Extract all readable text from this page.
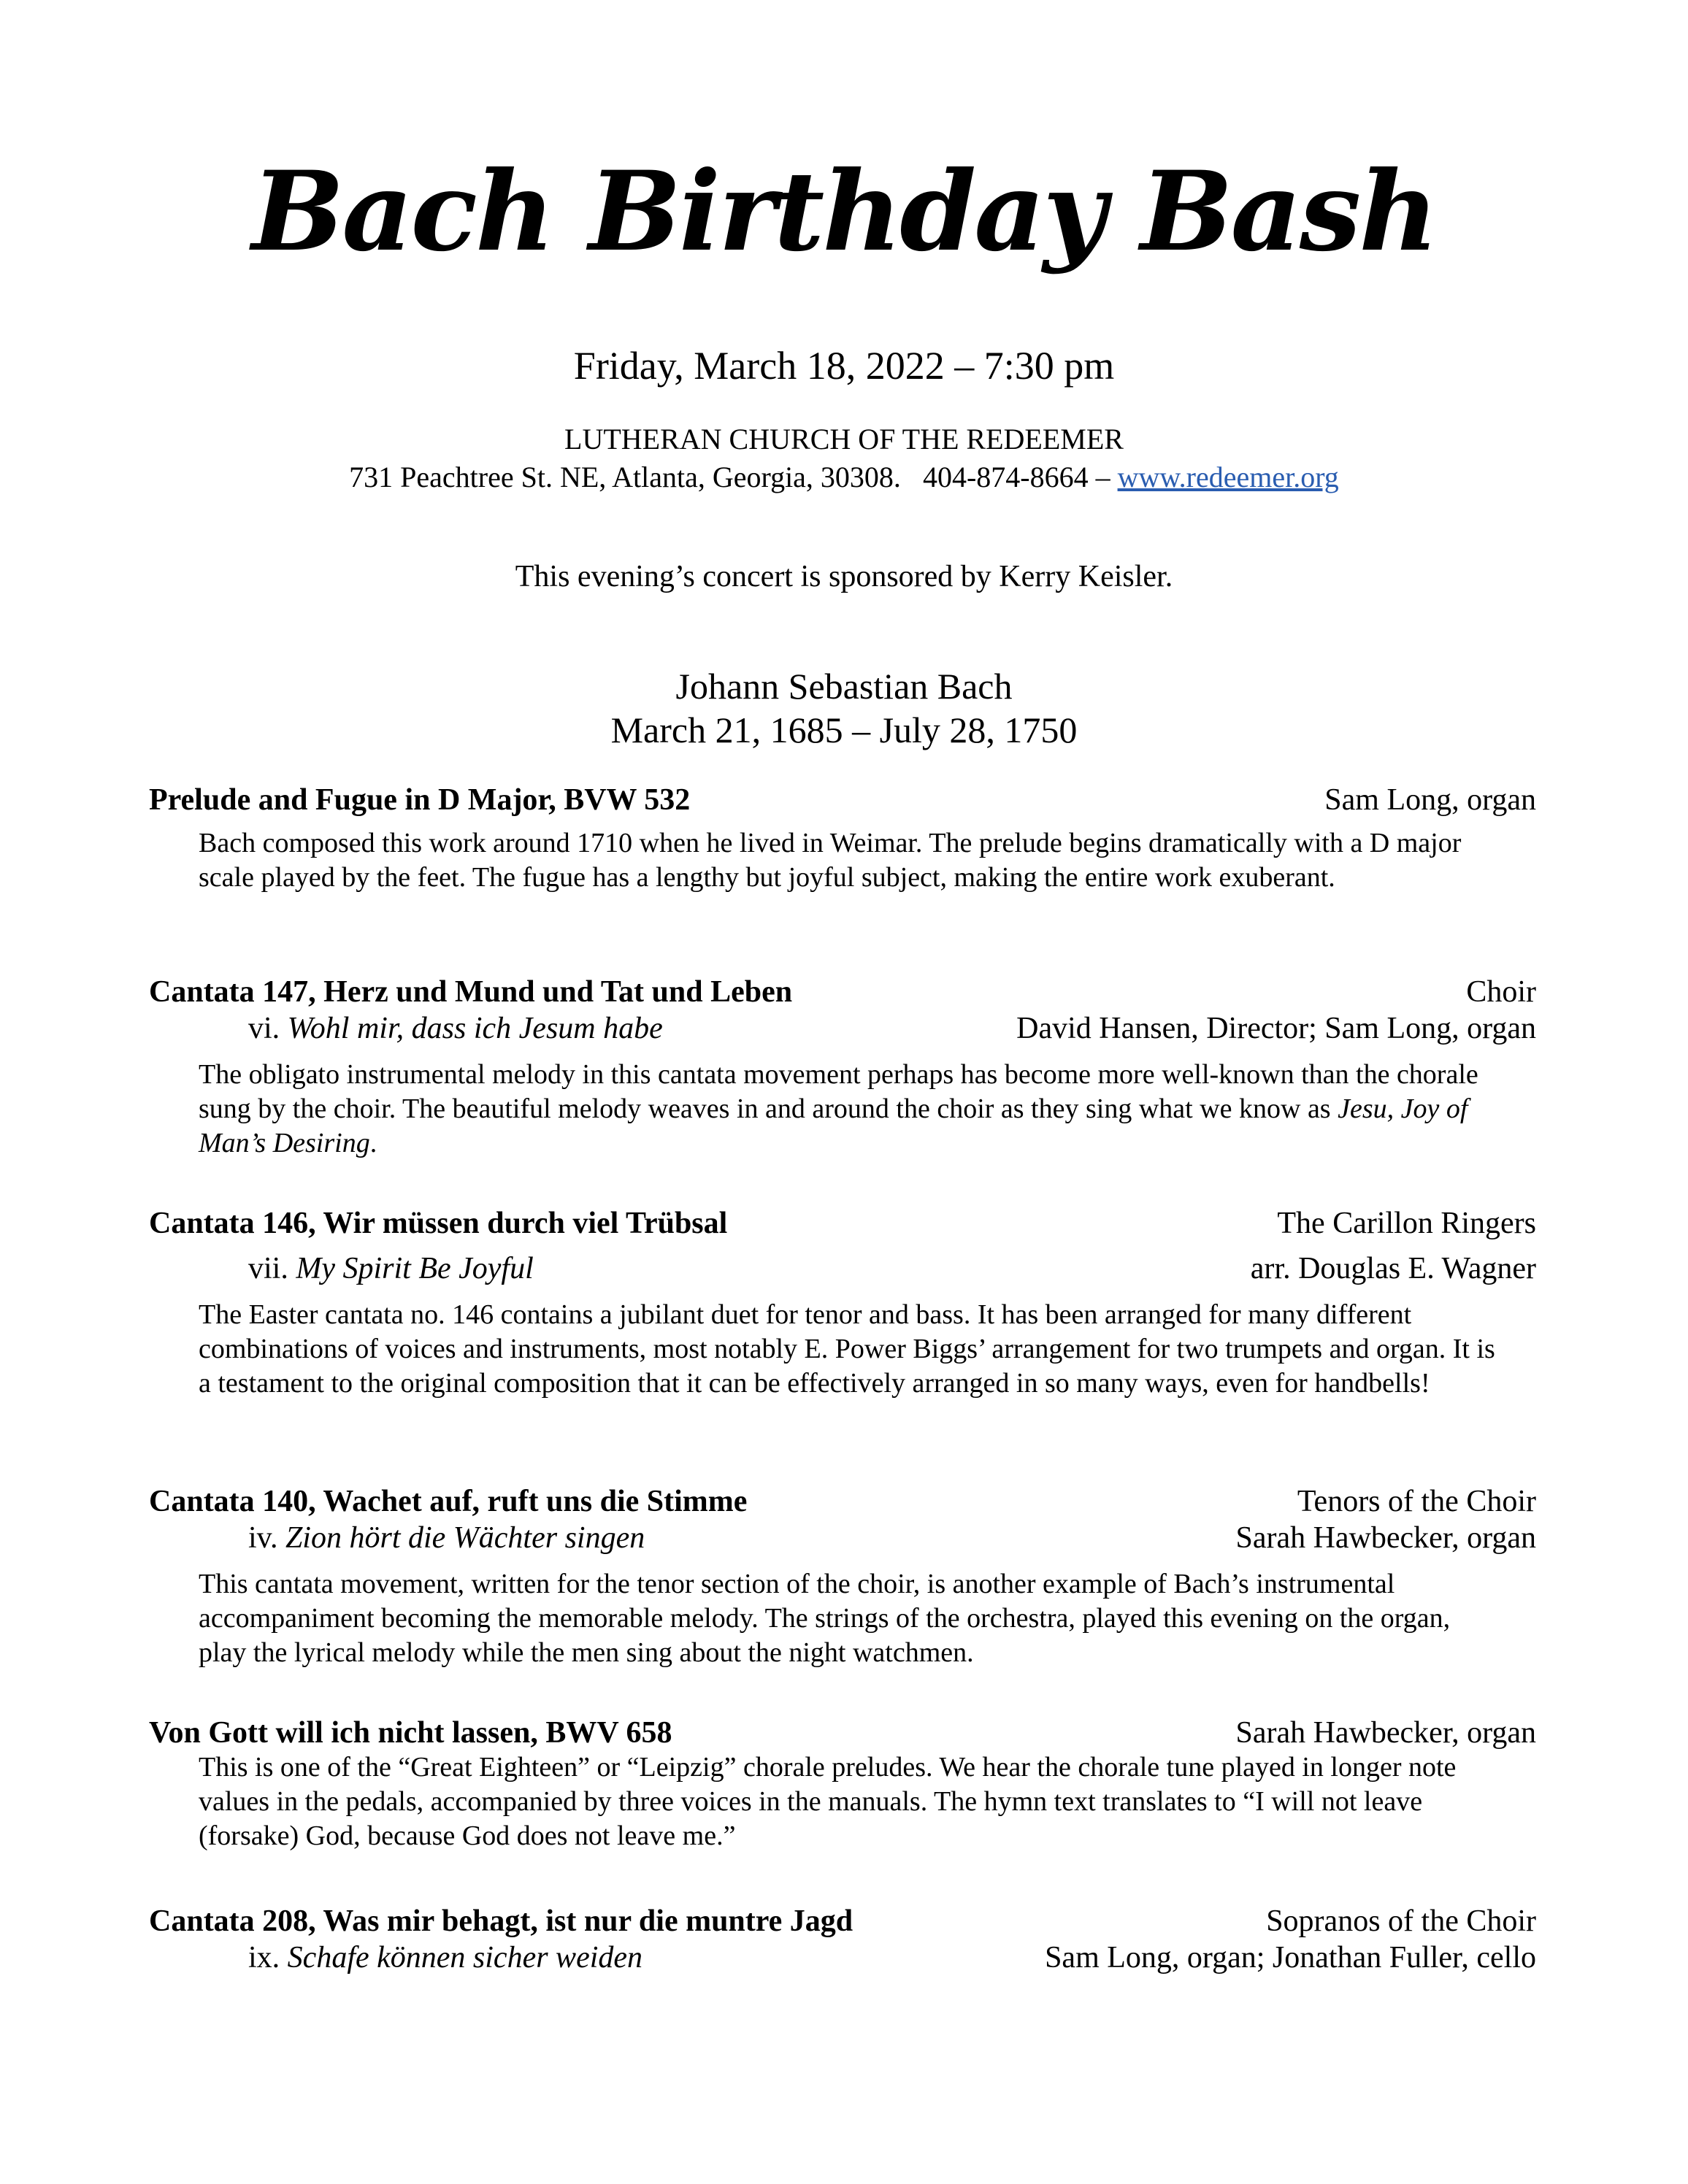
Bach Birthday Bash
Friday, March 18, 2022 – 7:30 pm
LUTHERAN CHURCH OF THE REDEEMER
731 Peachtree St. NE, Atlanta, Georgia, 30308. 404-874-8664 – www.redeemer.org
This evening’s concert is sponsored by Kerry Keisler.
Johann Sebastian Bach
March 21, 1685 – July 28, 1750
Prelude and Fugue in D Major, BVW 532	Sam Long, organ
Bach composed this work around 1710 when he lived in Weimar. The prelude begins dramatically with a D major scale played by the feet. The fugue has a lengthy but joyful subject, making the entire work exuberant.
Cantata 147, Herz und Mund und Tat und Leben	Choir
vi. Wohl mir, dass ich Jesum habe	David Hansen, Director; Sam Long, organ
The obligato instrumental melody in this cantata movement perhaps has become more well-known than the chorale sung by the choir. The beautiful melody weaves in and around the choir as they sing what we know as Jesu, Joy of Man’s Desiring.
Cantata 146, Wir müssen durch viel Trübsal	The Carillon Ringers
vii. My Spirit Be Joyful	arr. Douglas E. Wagner
The Easter cantata no. 146 contains a jubilant duet for tenor and bass. It has been arranged for many different combinations of voices and instruments, most notably E. Power Biggs’ arrangement for two trumpets and organ. It is a testament to the original composition that it can be effectively arranged in so many ways, even for handbells!
Cantata 140, Wachet auf, ruft uns die Stimme	Tenors of the Choir
iv. Zion hört die Wächter singen	Sarah Hawbecker, organ
This cantata movement, written for the tenor section of the choir, is another example of Bach’s instrumental accompaniment becoming the memorable melody. The strings of the orchestra, played this evening on the organ, play the lyrical melody while the men sing about the night watchmen.
Von Gott will ich nicht lassen, BWV 658	Sarah Hawbecker, organ
This is one of the “Great Eighteen” or “Leipzig” chorale preludes. We hear the chorale tune played in longer note values in the pedals, accompanied by three voices in the manuals. The hymn text translates to “I will not leave (forsake) God, because God does not leave me.”
Cantata 208, Was mir behagt, ist nur die muntre Jagd	Sopranos of the Choir
ix. Schafe können sicher weiden	Sam Long, organ; Jonathan Fuller, cello
